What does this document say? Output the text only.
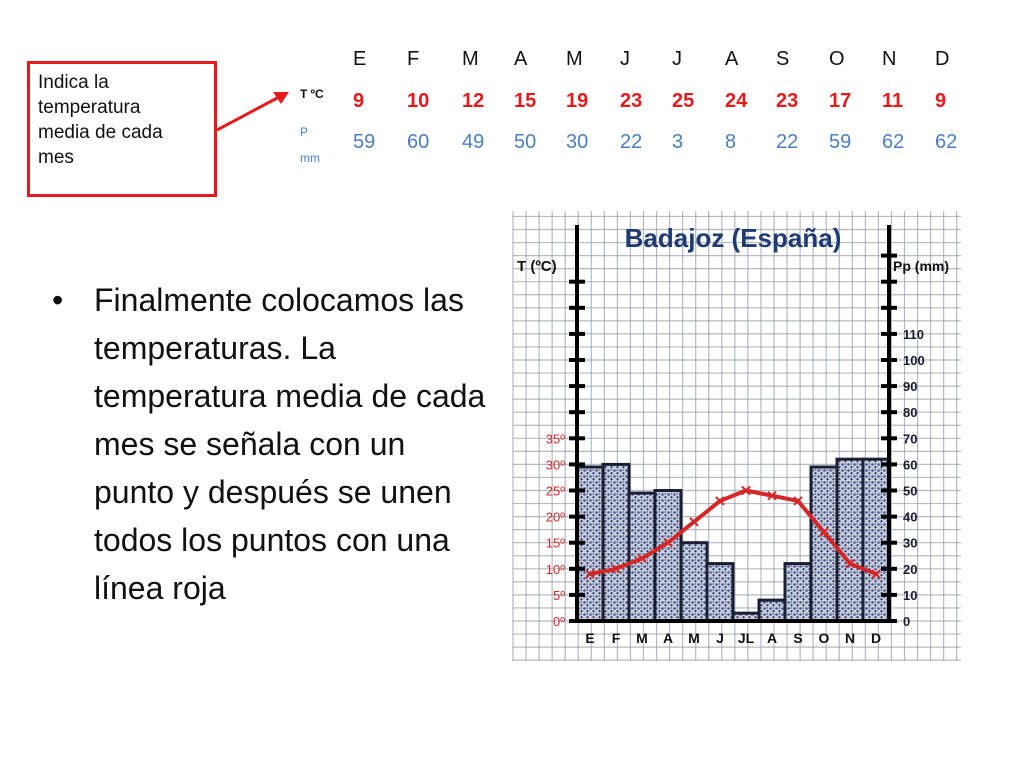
Indica la
temperatura
media de cada
mes
E F M A M J J A S O N D
T ºC 9 10 12 15 19 23 25 24 23 17 11 9
P
mm
59 60 49 50 30 22 3 8 22 59 62 62
• Finalmente colocamos las temperaturas. La temperatura media de cada mes se señala con un punto y después se unen todos los puntos con una línea roja
0º
5º
10º
15º
20º
25º
30º
35º
0
10
20
30
40
50
60
70
80
90
100
110
E F M A M J JL A S O N D
T (ºC)	Pp (mm)
Badajoz (España)
